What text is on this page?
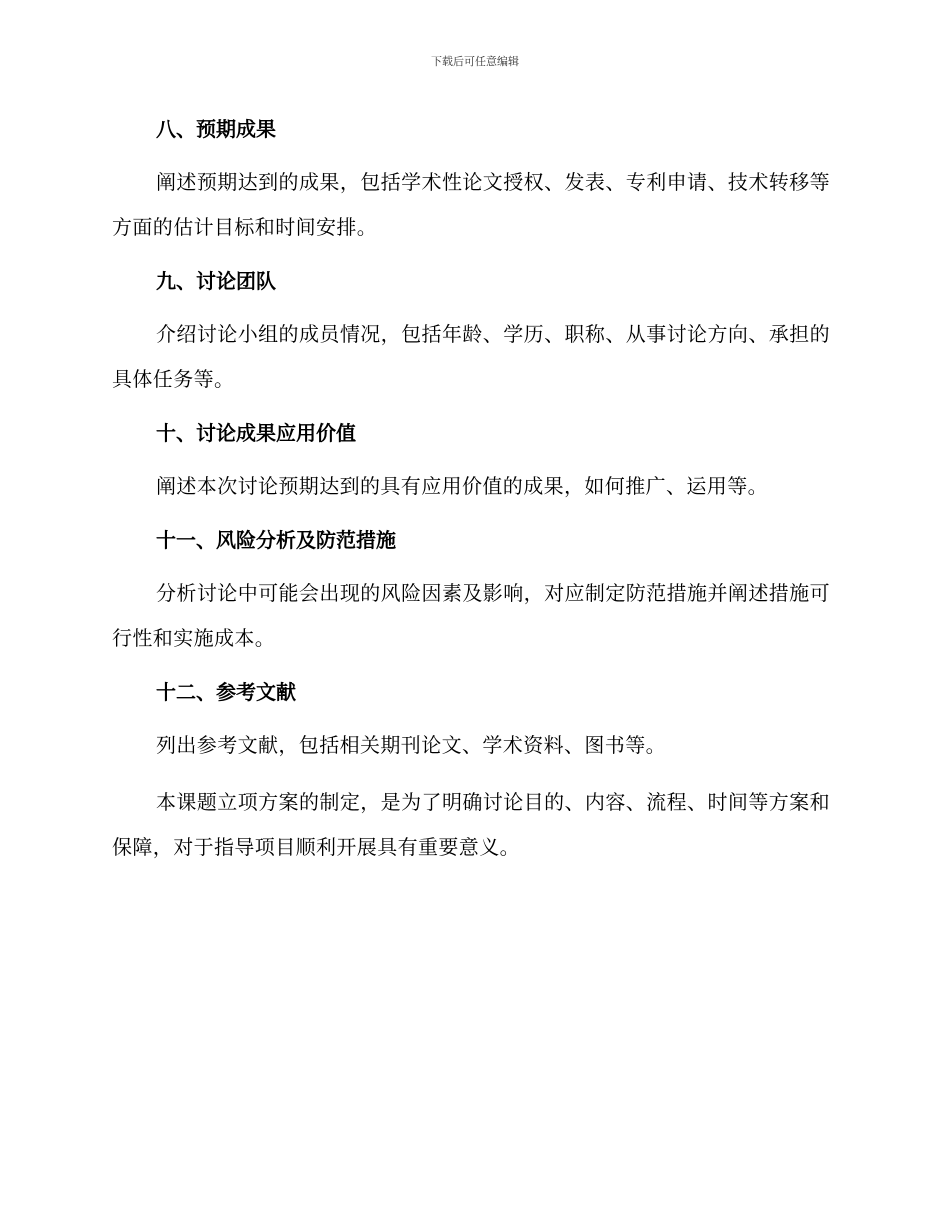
下载后可任意编辑
八、预期成果

阐述预期达到的成果，包括学术性论文授权、发表、专利申请、技术转移等方面的估计目标和时间安排。

九、讨论团队

介绍讨论小组的成员情况，包括年龄、学历、职称、从事讨论方向、承担的具体任务等。

十、讨论成果应用价值

阐述本次讨论预期达到的具有应用价值的成果，如何推广、运用等。

十一、风险分析及防范措施

分析讨论中可能会出现的风险因素及影响，对应制定防范措施并阐述措施可行性和实施成本。

十二、参考文献

列出参考文献，包括相关期刊论文、学术资料、图书等。

本课题立项方案的制定，是为了明确讨论目的、内容、流程、时间等方案和保障，对于指导项目顺利开展具有重要意义。
